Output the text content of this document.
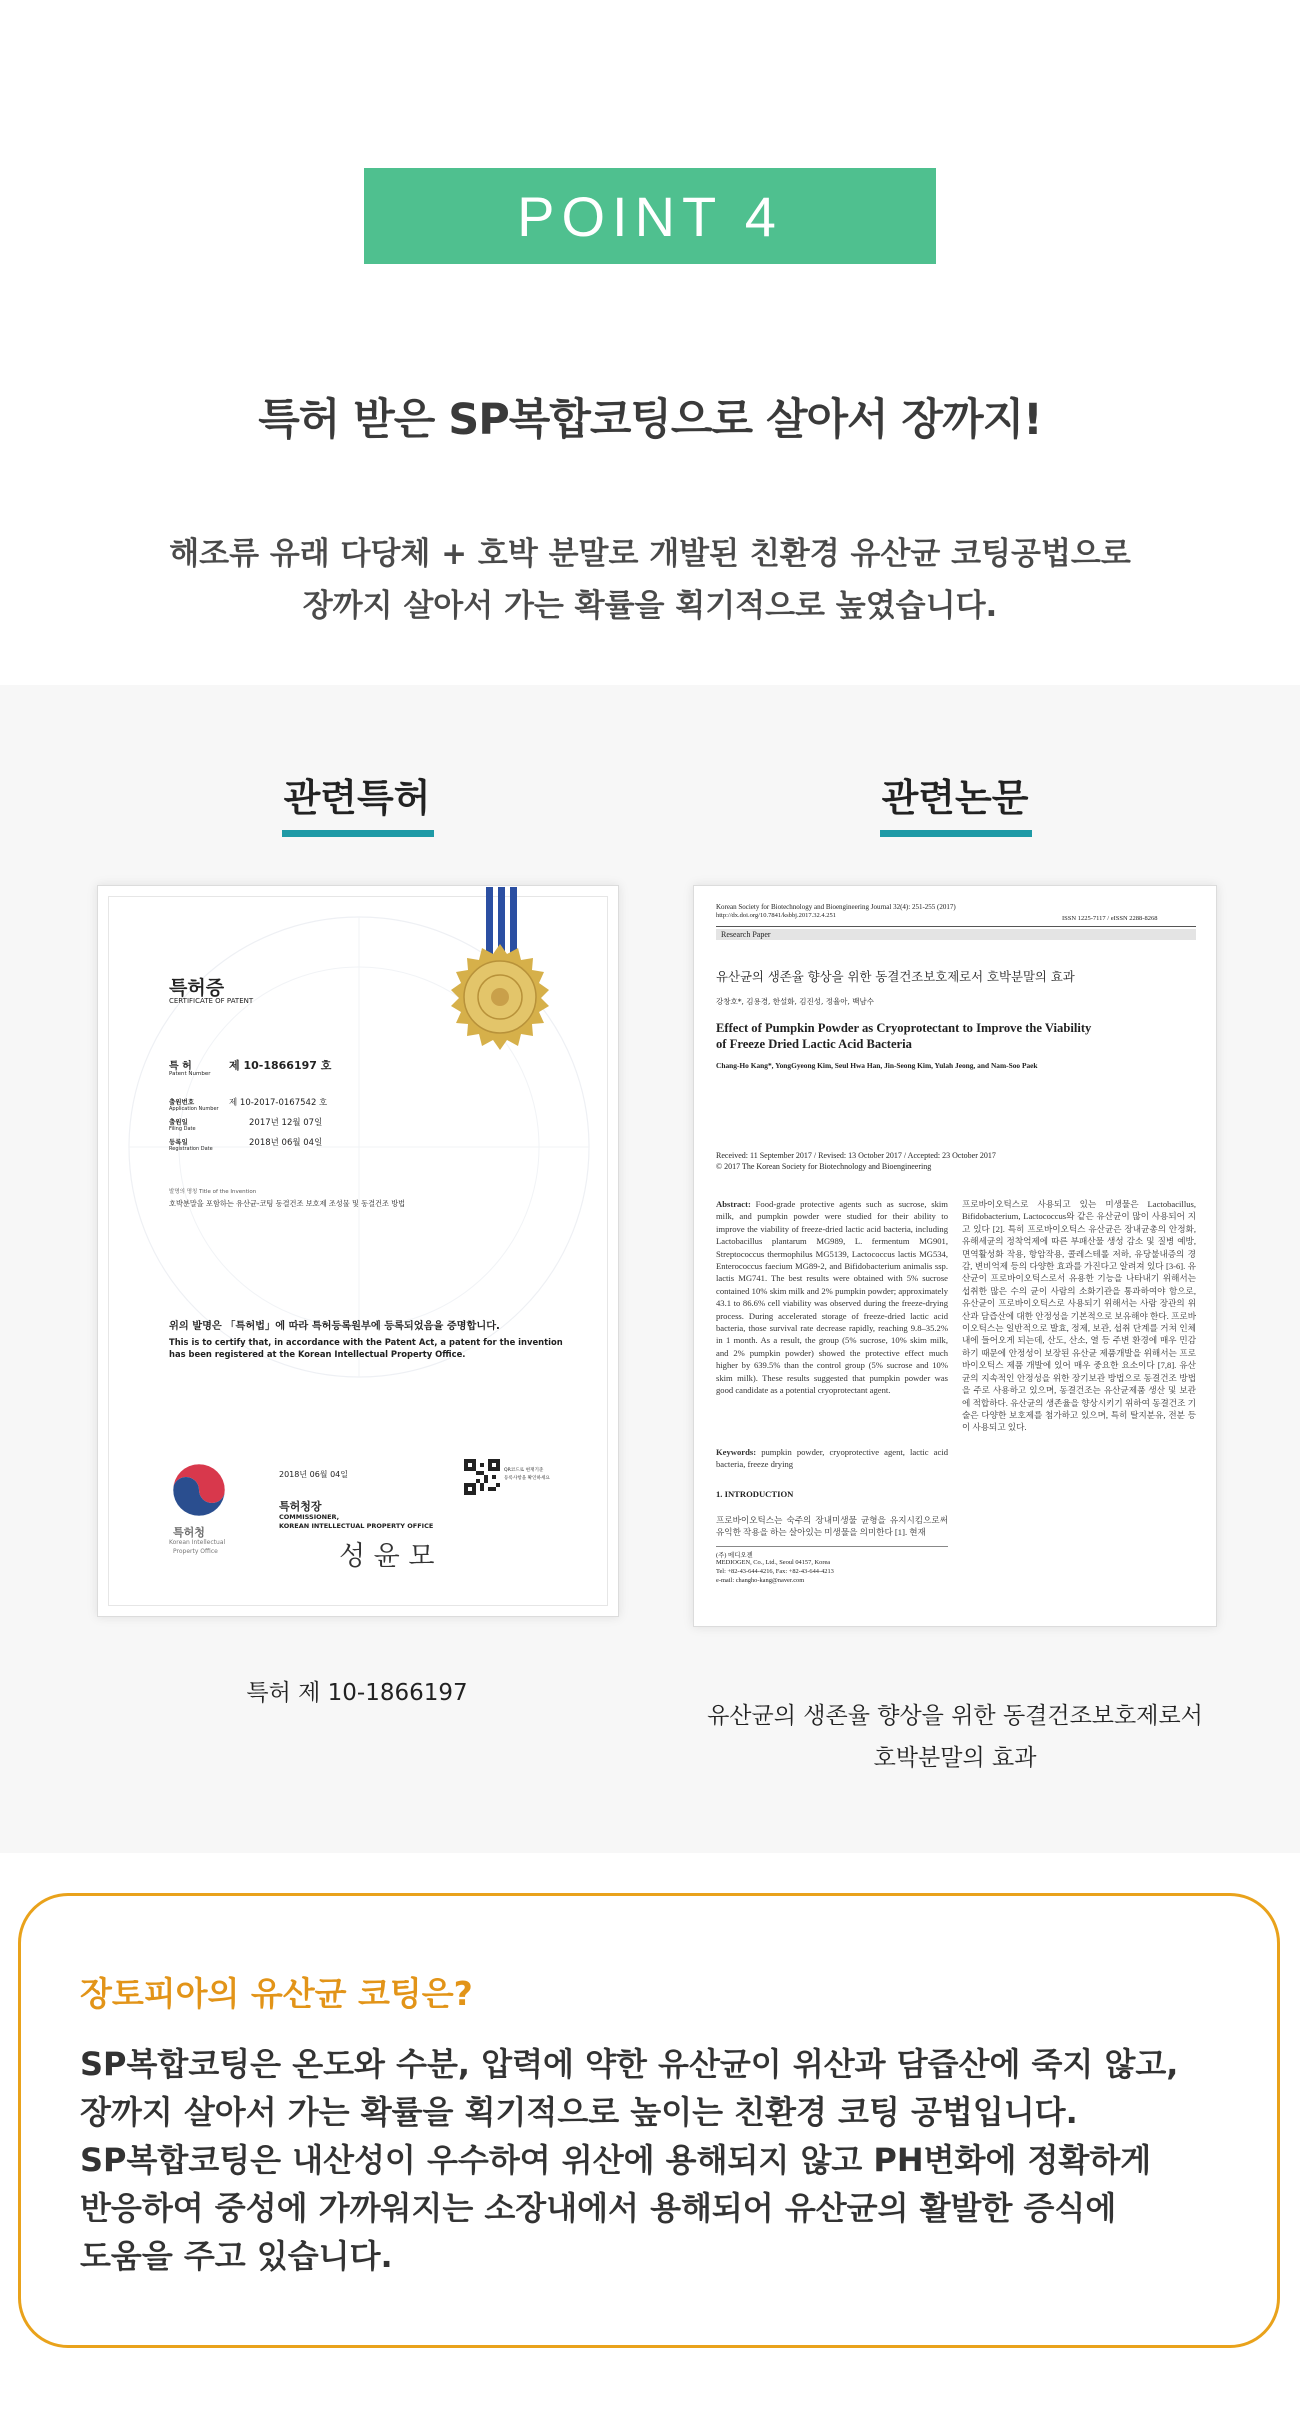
POINT 4
특허 받은 SP복합코팅으로 살아서 장까지!
해조류 유래 다당체 + 호박 분말로 개발된 친환경 유산균 코팅공법으로
장까지 살아서 가는 확률을 획기적으로 높였습니다.
관련특허	관련논문
특허증
CERTIFICATE OF PATENT
특 허
Patent Number
제 10-1866197 호
출원번호
Application Number
제 10-2017-0167542 호
출원일
Filing Date
2017년 12월 07일
등록일
Registration Date
2018년 06월 04일
발명의 명칭 Title of the Invention
호박분말을 포함하는 유산균-코팅 동결건조 보호제 조성물 및 동결건조 방법
위의 발명은 「특허법」에 따라 특허등록원부에 등록되었음을 증명합니다.
This is to certify that, in accordance with the Patent Act, a patent for the invention
has been registered at the Korean Intellectual Property Office.
2018년 06월 04일	QR코드로 현재기준
등록사항을 확인하세요
특허청장
COMMISSIONER,
KOREAN INTELLECTUAL PROPERTY OFFICE
성 윤 모
특허청
Korean Intellectual
Property Office
Korean Society for Biotechnology and Bioengineering Journal 32(4): 251-255 (2017)
http://dx.doi.org/10.7841/ksbbj.2017.32.4.251	ISSN 1225-7117 / eISSN 2288-8268
Research Paper
유산균의 생존율 향상을 위한 동결건조보호제로서 호박분말의 효과
강창호*, 김용경, 한설화, 김진성, 정율아, 백남수
Effect of Pumpkin Powder as Cryoprotectant to Improve the Viability
of Freeze Dried Lactic Acid Bacteria
Chang-Ho Kang*, YongGyeong Kim, Seul Hwa Han, Jin-Seong Kim, Yulah Jeong, and Nam-Soo Paek
Received: 11 September 2017 / Revised: 13 October 2017 / Accepted: 23 October 2017
© 2017 The Korean Society for Biotechnology and Bioengineering
Abstract: Food-grade protective agents such as sucrose, skim milk, and pumpkin powder were studied for their ability to improve the viability of freeze-dried lactic acid bacteria, including Lactobacillus plantarum MG989, L. fermentum MG901, Streptococcus thermophilus MG5139, Lactococcus lactis MG534, Enterococcus faecium MG89-2, and Bifidobacterium animalis ssp. lactis MG741. The best results were obtained with 5% sucrose contained 10% skim milk and 2% pumpkin powder; approximately 43.1 to 86.6% cell viability was observed during the freeze-drying process. During accelerated storage of freeze-dried lactic acid bacteria, those survival rate decrease rapidly, reaching 9.8–35.2% in 1 month. As a result, the group (5% sucrose, 10% skim milk, and 2% pumpkin powder) showed the protective effect much higher by 639.5% than the control group (5% sucrose and 10% skim milk). These results suggested that pumpkin powder was good candidate as a potential cryoprotectant agent.
Keywords: pumpkin powder, cryoprotective agent, lactic acid bacteria, freeze drying
1. INTRODUCTION
프로바이오틱스는 숙주의 장내미생물 균형을 유지시킴으로써 유익한 작용을 하는 살아있는 미생물을 의미한다 [1]. 현재
(주) 메디오젠
MEDIOGEN, Co., Ltd., Seoul 04157, Korea
Tel: +82-43-644-4216, Fax: +82-43-644-4213
e-mail: changho-kang@naver.com
프로바이오틱스로 사용되고 있는 미생물은 Lactobacillus, Bifidobacterium, Lactococcus와 같은 유산균이 많이 사용되어 지고 있다 [2]. 특히 프로바이오틱스 유산균은 장내균총의 안정화, 유해세균의 정착억제에 따른 부패산물 생성 감소 및 질병 예방, 면역활성화 작용, 항암작용, 콜레스테롤 저하, 유당불내증의 경감, 변비억제 등의 다양한 효과를 가진다고 알려져 있다 [3-6]. 유산균이 프로바이오틱스로서 유용한 기능을 나타내기 위해서는 섭취한 많은 수의 균이 사람의 소화기관을 통과하여야 함으로, 유산균이 프로바이오틱스로 사용되기 위해서는 사람 장관의 위산과 담즙산에 대한 안정성을 기본적으로 보유해야 한다. 프로바이오틱스는 일반적으로 발효, 정제, 보관, 섭취 단계를 거쳐 인체 내에 들어오게 되는데, 산도, 산소, 열 등 주변 환경에 매우 민감하기 때문에 안정성이 보장된 유산균 제품개발을 위해서는 프로바이오틱스 제품 개발에 있어 매우 중요한 요소이다 [7,8]. 유산균의 지속적인 안정성을 위한 장기보관 방법으로 동결건조 방법을 주로 사용하고 있으며, 동결건조는 유산균제품 생산 및 보관에 적합하다. 유산균의 생존율을 향상시키기 위하여 동결건조 기술은 다양한 보호제를 첨가하고 있으며, 특히 탈지분유, 전분 등이 사용되고 있다.
특허 제 10-1866197
유산균의 생존율 향상을 위한 동결건조보호제로서
호박분말의 효과
장토피아의 유산균 코팅은?
SP복합코팅은 온도와 수분, 압력에 약한 유산균이 위산과 담즙산에 죽지 않고,
장까지 살아서 가는 확률을 획기적으로 높이는 친환경 코팅 공법입니다.
SP복합코팅은 내산성이 우수하여 위산에 용해되지 않고 PH변화에 정확하게
반응하여 중성에 가까워지는 소장내에서 용해되어 유산균의 활발한 증식에
도움을 주고 있습니다.
